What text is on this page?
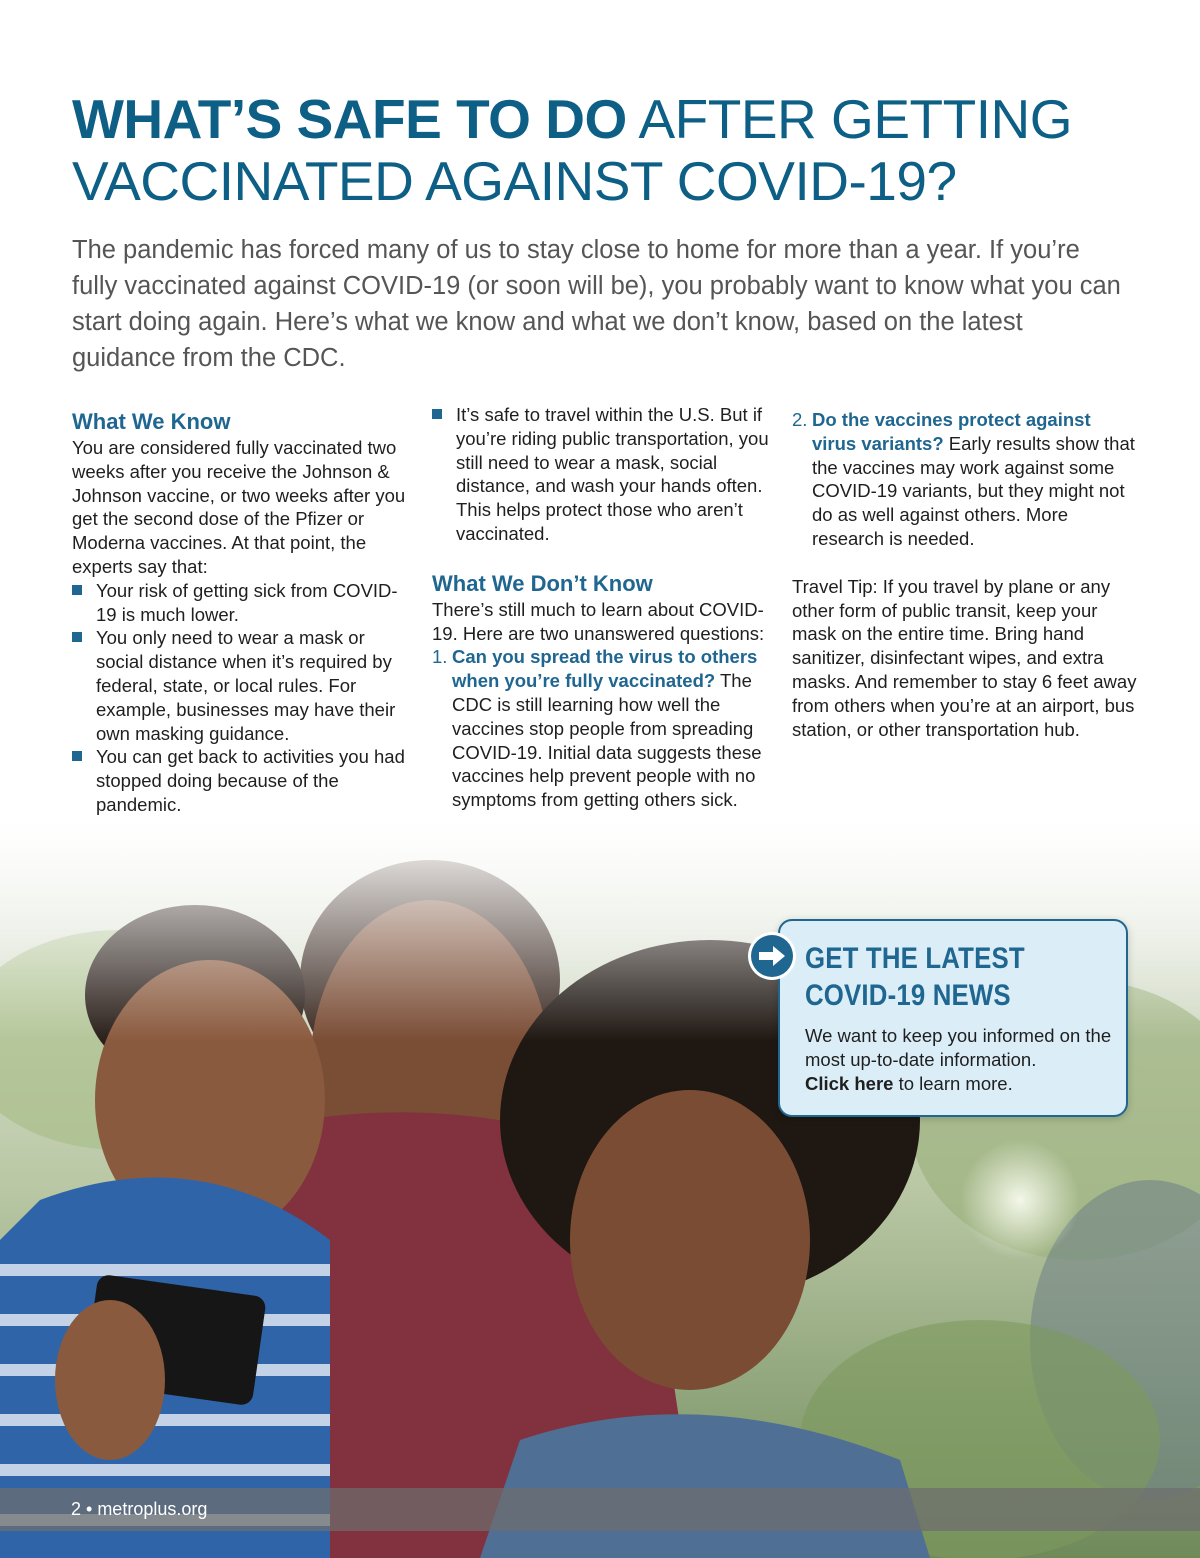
WHAT’S SAFE TO DO AFTER GETTING VACCINATED AGAINST COVID-19?

The pandemic has forced many of us to stay close to home for more than a year. If you’re fully vaccinated against COVID-19 (or soon will be), you probably want to know what you can start doing again. Here’s what we know and what we don’t know, based on the latest guidance from the CDC.

What We Know

You are considered fully vaccinated two weeks after you receive the Johnson & Johnson vaccine, or two weeks after you get the second dose of the Pfizer or Moderna vaccines. At that point, the experts say that:

Your risk of getting sick from COVID-19 is much lower.
You only need to wear a mask or social distance when it’s required by federal, state, or local rules. For example, businesses may have their own masking guidance.
You can get back to activities you had stopped doing because of the pandemic.
It’s safe to travel within the U.S. But if you’re riding public transportation, you still need to wear a mask, social distance, and wash your hands often. This helps protect those who aren’t vaccinated.
What We Don’t Know

There’s still much to learn about COVID-19. Here are two unanswered questions:

1. Can you spread the virus to others when you’re fully vaccinated? The CDC is still learning how well the vaccines stop people from spreading COVID-19. Initial data suggests these vaccines help prevent people with no symptoms from getting others sick.
2. Do the vaccines protect against virus variants? Early results show that the vaccines may work against some COVID-19 variants, but they might not do as well against others. More research is needed.

Travel Tip: If you travel by plane or any other form of public transit, keep your mask on the entire time. Bring hand sanitizer, disinfectant wipes, and extra masks. And remember to stay 6 feet away from others when you’re at an airport, bus station, or other transportation hub.

GET THE LATEST COVID-19 NEWS

We want to keep you informed on the most up-to-date information.
Click here to learn more.

2 • metroplus.org
